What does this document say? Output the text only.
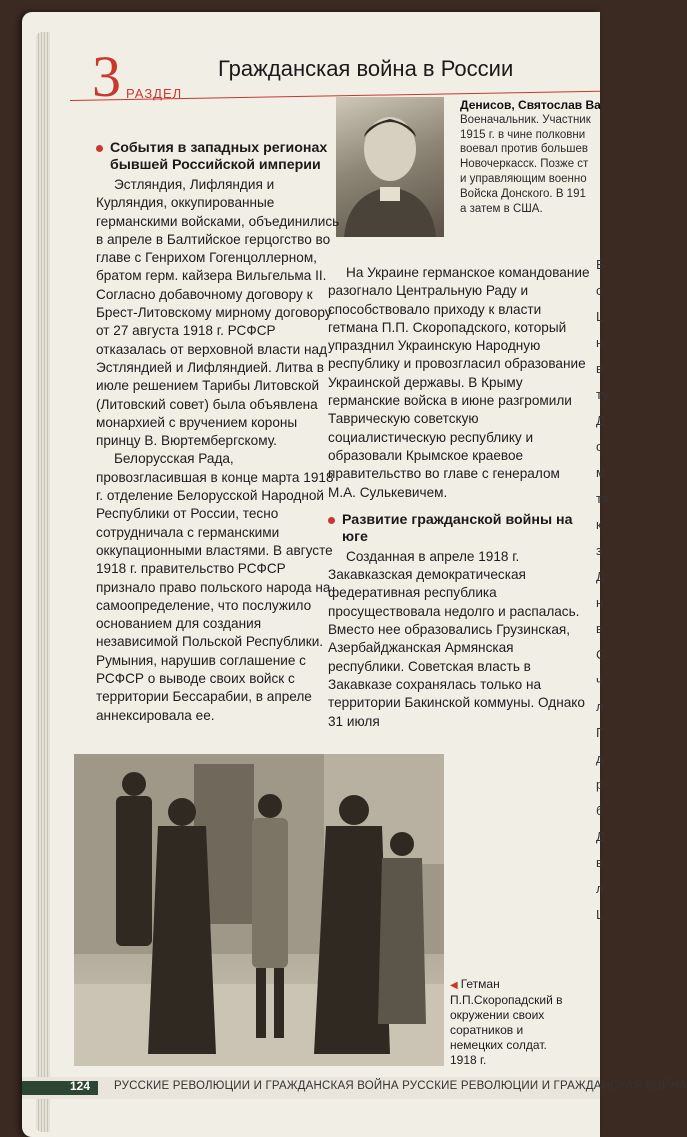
3 РАЗДЕЛ
Гражданская война в России
Денисов, Святослав Ва
Военачальник. Участник
1915 г. в чине полковни
воевал против большев
Новочеркасск. Позже ст
и управляющим военно
Войска Донского. В 191
а затем в США.
События в западных регионах бывшей Российской империи

Эстляндия, Лифляндия и Курляндия, оккупированные германскими войсками, объединились в апреле в Балтийское герцогство во главе с Генрихом Гогенцоллерном, братом герм. кайзера Вильгельма II. Согласно добавочному договору к Брест-Литовскому мирному договору от 27 августа 1918 г. РСФСР отказалась от верховной власти над Эстляндией и Лифляндией. Литва в июле решением Тарибы Литовской (Литовский совет) была объявлена монархией с вручением короны принцу В. Вюртембергскому.

Белорусская Рада, провозгласившая в конце марта 1918 г. отделение Белорусской Народной Республики от России, тесно сотрудничала с германскими оккупационными властями. В августе 1918 г. правительство РСФСР признало право польского народа на самоопределение, что послужило основанием для создания независимой Польской Республики. Румыния, нарушив соглашение с РСФСР о выводе своих войск с территории Бессарабии, в апреле аннексировала ее.

На Украине германское командование разогнало Центральную Раду и способствовало приходу к власти гетмана П.П. Скоропадского, который упразднил Украинскую Народную республику и провозгласил образование Украинской державы. В Крыму германские войска в июне разгромили Таврическую советскую социалистическую республику и образовали Крымское краевое правительство во главе с генералом М.А. Сулькевичем.

Развитие гражданской войны на юге

Созданная в апреле 1918 г. Закавказская демократическая федеративная республика просуществовала недолго и распалась. Вместо нее образовались Грузинская, Азербайджанская Армянская республики. Советская власть в Закавказе сохранялась только на территории Бакинской коммуны. Однако 31 июля

Б
о
L
н
в
ту
Д
с
м
тз
к
з
Д
н
в
С
ч
л
Г
д
р
б
Д
в
л
L
◀ Гетман П.П.Скоропадский в окружении своих соратников и немецких солдат. 1918 г.
124 РУССКИЕ РЕВОЛЮЦИИ И ГРАЖДАНСКАЯ ВОЙНА РУССКИЕ РЕВОЛЮЦИИ И ГРАЖДАНСКАЯ ВОЙНА
